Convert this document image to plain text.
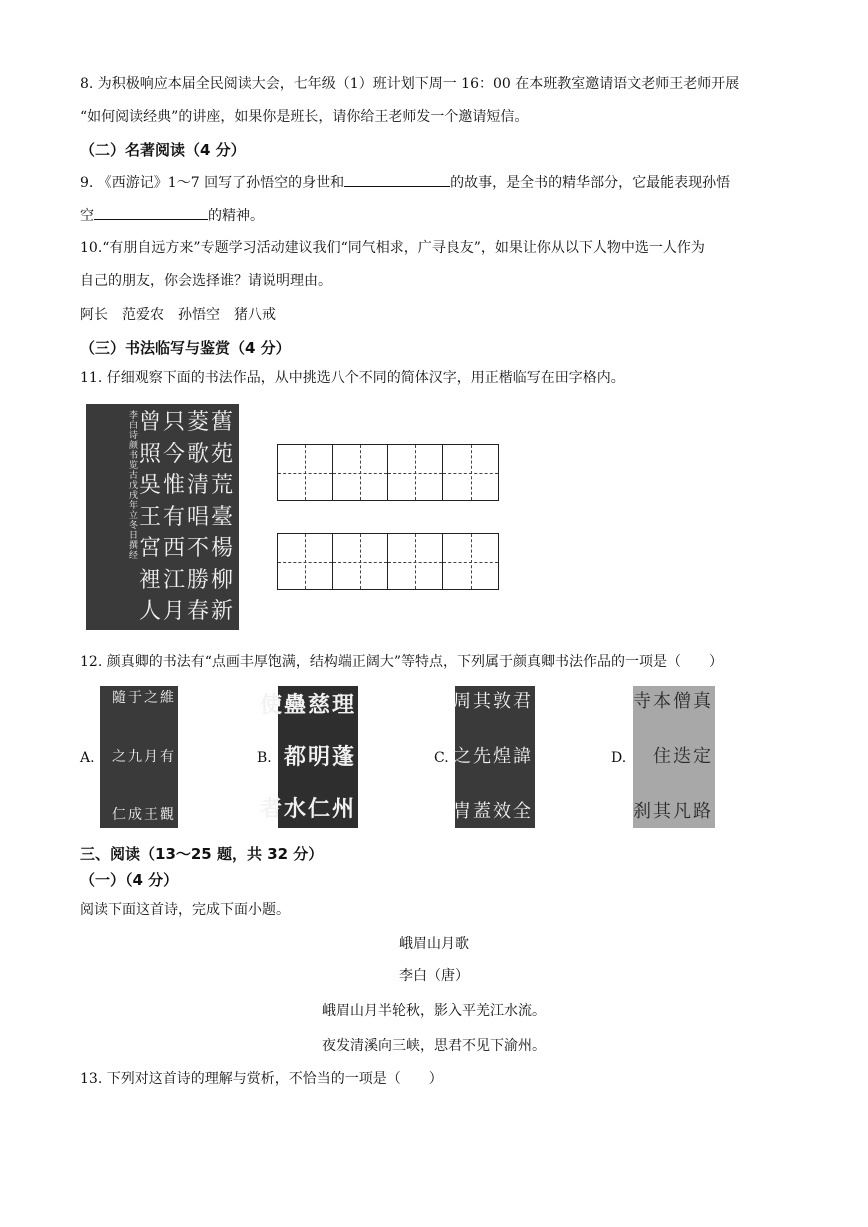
8. 为积极响应本届全民阅读大会，七年级（1）班计划下周一 16：00 在本班教室邀请语文老师王老师开展
“如何阅读经典”的讲座，如果你是班长，请你给王老师发一个邀请短信。
（二）名著阅读（4 分）
9. 《西游记》1～7 回写了孙悟空的身世和	的故事，是全书的精华部分，它最能表现孙悟
空	的精神。
10.“有朋自远方来”专题学习活动建议我们“同气相求，广寻良友”，如果让你从以下人物中选一人作为
自己的朋友，你会选择谁？请说明理由。
阿长　范爱农　孙悟空　猪八戒
（三）书法临写与鉴赏（4 分）
11. 仔细观察下面的书法作品，从中挑选八个不同的简体汉字，用正楷临写在田字格内。
舊
苑
荒
臺
楊
柳
新
菱
歌
清
唱
不
勝
春
只
今
惟
有
西
江
月
曾
照
吳
王
宮
裡
人
李白诗颜书览古戊戌年立冬日撰经
12. 颜真卿的书法有“点画丰厚饱满，结构端正阔大”等特点，下列属于颜真卿书法作品的一项是（　　）
A.
維
有
觀
之
月
王
于
九
成
隨
之
仁
B.
理
蓬
州
慈
明
仁
蠱
都
水
使
者
C.
君
諱
全
敦
煌
效
其
先
蓋
周
之
胄
D.
真
定
路
僧
迭
凡
本
住
其
寺
刹
三、阅读（13～25 题，共 32 分）
（一）（4 分）
阅读下面这首诗，完成下面小题。
峨眉山月歌
李白（唐）
峨眉山月半轮秋，影入平羌江水流。
夜发清溪向三峡，思君不见下渝州。
13. 下列对这首诗的理解与赏析，不恰当的一项是（　　）
